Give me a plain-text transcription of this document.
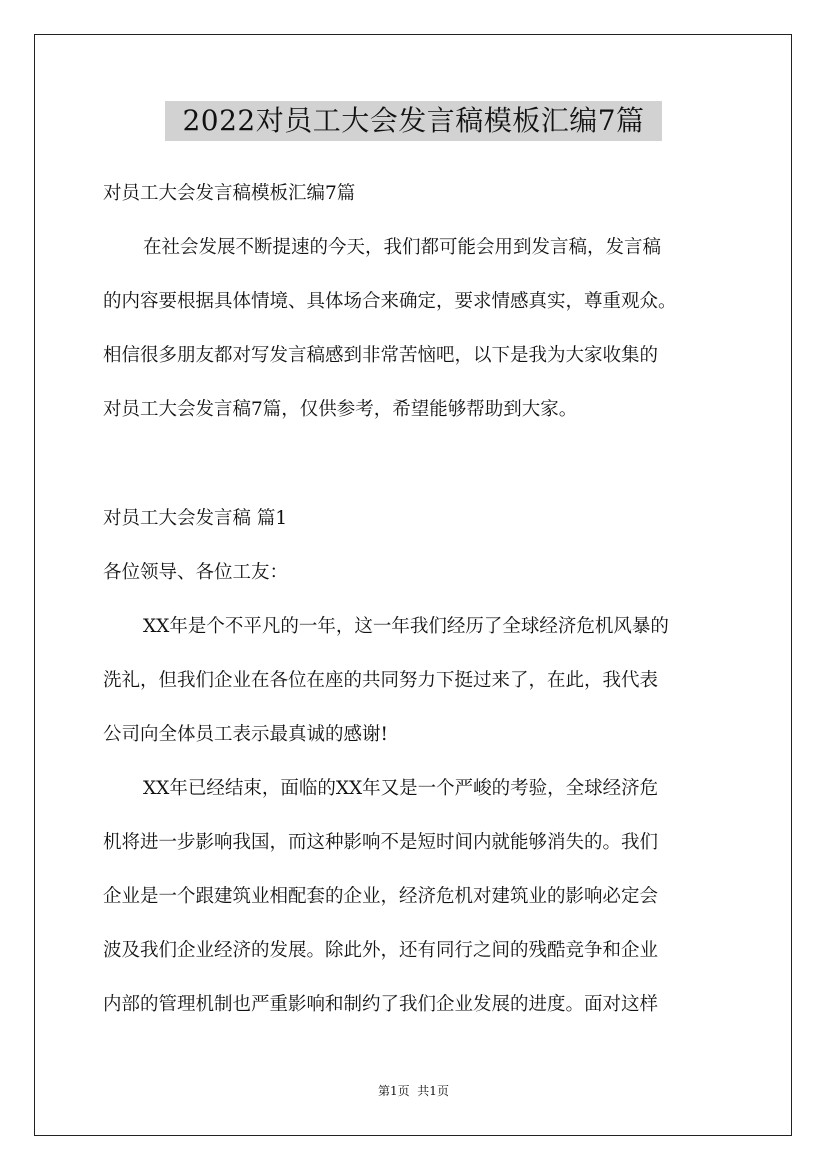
2022对员工大会发言稿模板汇编7篇
对员工大会发言稿模板汇编7篇
在社会发展不断提速的今天，我们都可能会用到发言稿，发言稿
的内容要根据具体情境、具体场合来确定，要求情感真实，尊重观众。
相信很多朋友都对写发言稿感到非常苦恼吧，以下是我为大家收集的
对员工大会发言稿7篇，仅供参考，希望能够帮助到大家。
对员工大会发言稿 篇1
各位领导、各位工友：
XX年是个不平凡的一年，这一年我们经历了全球经济危机风暴的
洗礼，但我们企业在各位在座的共同努力下挺过来了，在此，我代表
公司向全体员工表示最真诚的感谢!
XX年已经结束，面临的XX年又是一个严峻的考验，全球经济危
机将进一步影响我国，而这种影响不是短时间内就能够消失的。我们
企业是一个跟建筑业相配套的企业，经济危机对建筑业的影响必定会
波及我们企业经济的发展。除此外，还有同行之间的残酷竞争和企业
内部的管理机制也严重影响和制约了我们企业发展的进度。面对这样
第1页  共1页
